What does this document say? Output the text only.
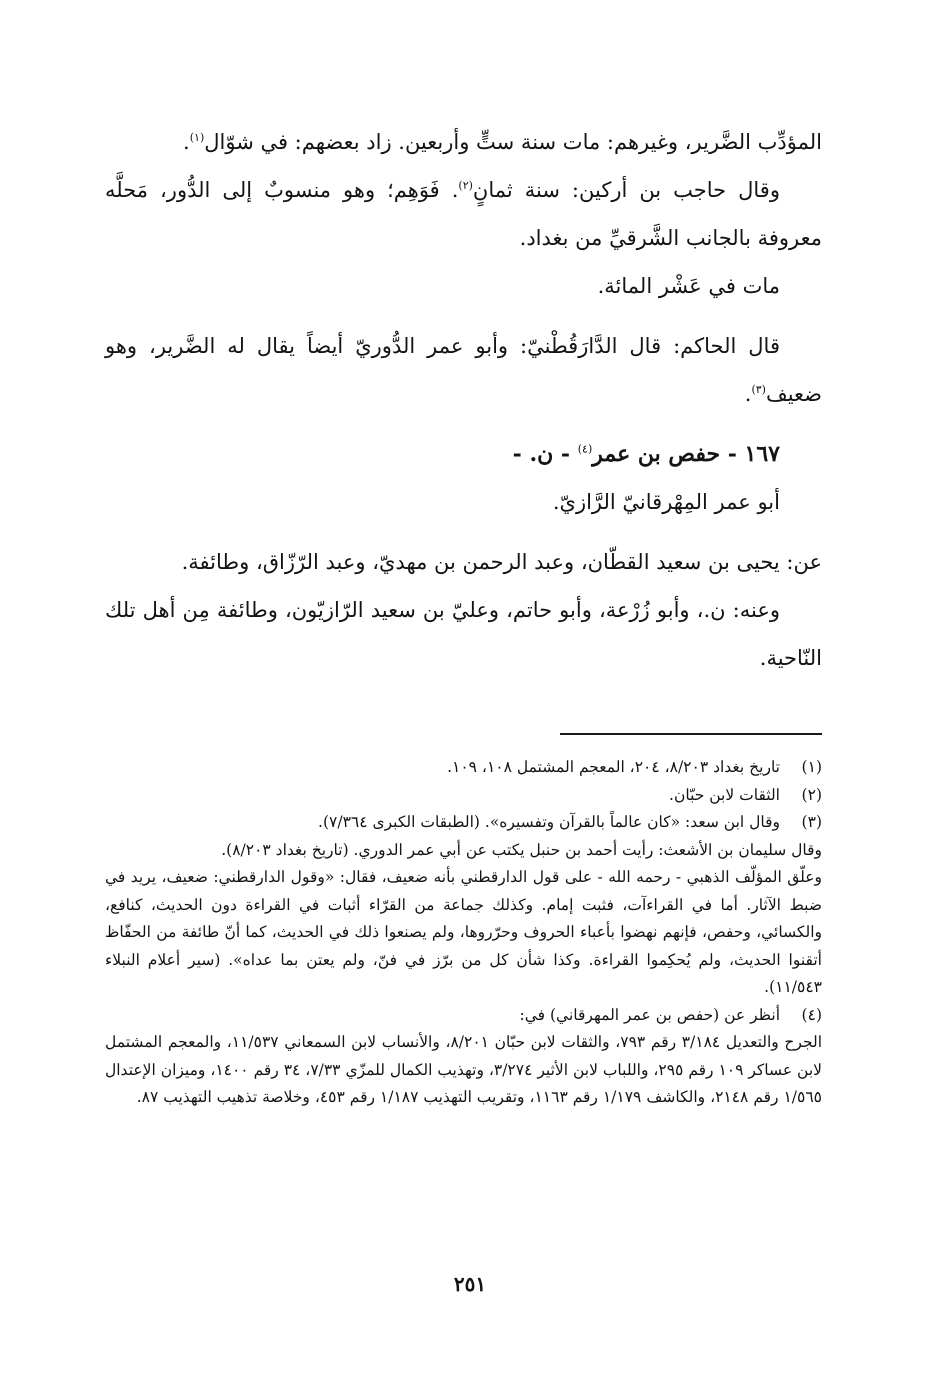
المؤدِّب الضَّرير، وغيرهم: مات سنة ستٍّ وأربعين. زاد بعضهم: في شوّال$^{(١)}$.

وقال حاجب بن أركين: سنة ثمانٍ$^{(٢)}$. فَوَهِم؛ وهو منسوبٌ إلى الدُّور، مَحلَّه معروفة بالجانب الشَّرقيِّ من بغداد.

مات في عَشْر المائة.

قال الحاكم: قال الدَّارَقُطْنيّ: وأبو عمر الدُّوريّ أيضاً يقال له الضَّرير، وهو ضعيف$^{(٣)}$.

١٦٧ - حفص بن عمر$^{(٤)}$ - ن. -

أبو عمر المِهْرقانيّ الرَّازيّ.

عن: يحيى بن سعيد القطّان، وعبد الرحمن بن مهديّ، وعبد الرّزّاق، وطائفة.

وعنه: ن.، وأبو زُرْعة، وأبو حاتم، وعليّ بن سعيد الرّازيّون، وطائفة مِن أهل تلك النّاحية.

(١)

تاريخ بغداد ٨/٢٠٣، ٢٠٤، المعجم المشتمل ١٠٨، ١٠٩.

(٢)

الثقات لابن حبّان.

(٣)

وقال ابن سعد: «كان عالماً بالقرآن وتفسيره». (الطبقات الكبرى ٧/٣٦٤).

وقال سليمان بن الأشعث: رأيت أحمد بن حنبل يكتب عن أبي عمر الدوري. (تاريخ بغداد ٨/٢٠٣).

وعلّق المؤلّف الذهبي - رحمه الله - على قول الدارقطني بأنه ضعيف، فقال: «وقول الدارقطني: ضعيف، يريد في ضبط الآثار. أما في القراءآت، فثبت إمام. وكذلك جماعة من القرّاء أثبات في القراءة دون الحديث، كنافع، والكسائي، وحفص، فإنهم نهضوا بأعباء الحروف وحرّروها، ولم يصنعوا ذلك في الحديث، كما أنّ طائفة من الحفّاظ أتقنوا الحديث، ولم يُحكِموا القراءة. وكذا شأن كل من برّز في فنّ، ولم يعتن بما عداه». (سير أعلام النبلاء ١١/٥٤٣).

(٤)

أنظر عن (حفص بن عمر المهرقاني) في:

الجرح والتعديل ٣/١٨٤ رقم ٧٩٣، والثقات لابن حبّان ٨/٢٠١، والأنساب لابن السمعاني ١١/٥٣٧، والمعجم المشتمل لابن عساكر ١٠٩ رقم ٢٩٥، واللباب لابن الأثير ٣/٢٧٤، وتهذيب الكمال للمزّي ٧/٣٣، ٣٤ رقم ١٤٠٠، وميزان الإعتدال ١/٥٦٥ رقم ٢١٤٨، والكاشف ١/١٧٩ رقم ١١٦٣، وتقريب التهذيب ١/١٨٧ رقم ٤٥٣، وخلاصة تذهيب التهذيب ٨٧.

٢٥١
